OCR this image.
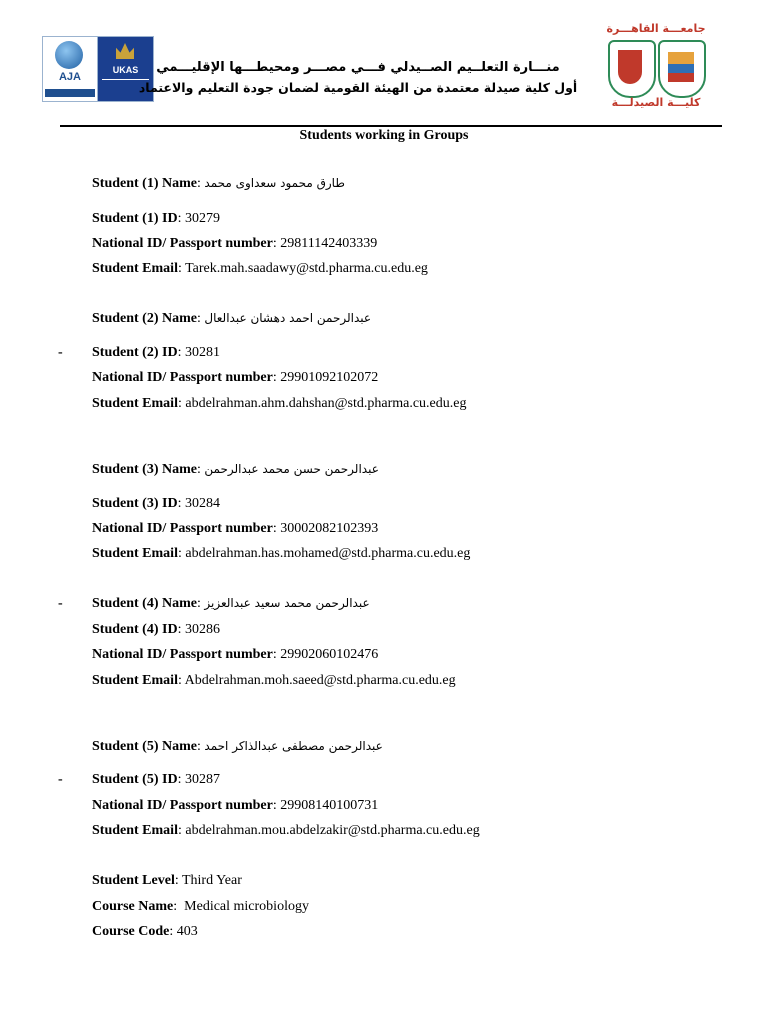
AJA
UKAS	منـــارة التعلــيم الصــيدلي فـــي مصـــر ومحيطـــها الإقليـــمي
أول كلية صيدلة معتمدة من الهيئة القومية لضمان جودة التعليم والاعتماد
جامعـــة القاهـــرة
كليـــة الصيدلـــة
Students working in Groups
Student (1) Name: طارق محمود سعداوى محمد
Student (1) ID: 30279
National ID/ Passport number: 29811142403339
Student Email: Tarek.mah.saadawy@std.pharma.cu.edu.eg
Student (2) Name: عبدالرحمن احمد دهشان عبدالعال
- Student (2) ID: 30281
National ID/ Passport number: 29901092102072
Student Email: abdelrahman.ahm.dahshan@std.pharma.cu.edu.eg
Student (3) Name: عبدالرحمن حسن محمد عبدالرحمن
Student (3) ID: 30284
National ID/ Passport number: 30002082102393
Student Email: abdelrahman.has.mohamed@std.pharma.cu.edu.eg
- Student (4) Name: عبدالرحمن محمد سعيد عبدالعزيز
Student (4) ID: 30286
National ID/ Passport number: 29902060102476
Student Email: Abdelrahman.moh.saeed@std.pharma.cu.edu.eg
Student (5) Name: عبدالرحمن مصطفى عبدالذاكر احمد
- Student (5) ID: 30287
National ID/ Passport number: 29908140100731
Student Email: abdelrahman.mou.abdelzakir@std.pharma.cu.edu.eg
Student Level: Third Year
Course Name:  Medical microbiology
Course Code: 403
